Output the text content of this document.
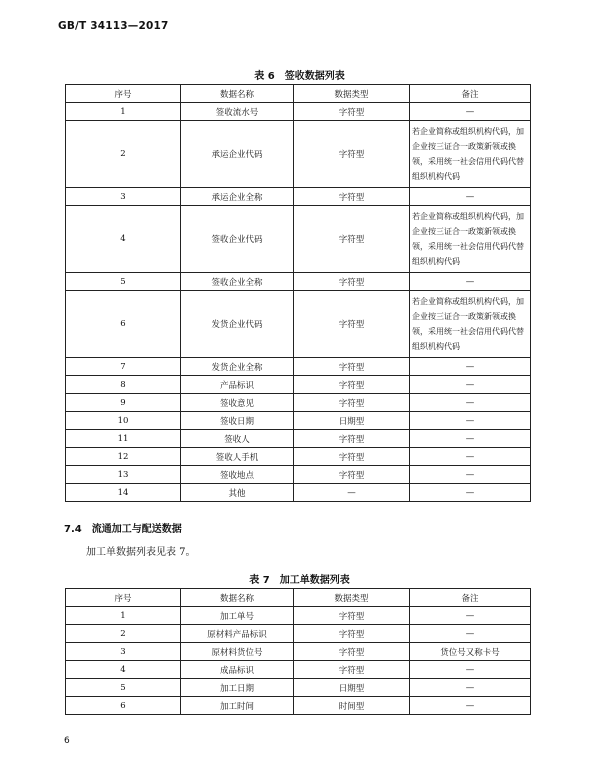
GB/T 34113—2017
表 6　签收数据列表
序号	数据名称	数据类型	备注
1	签收流水号	字符型	—
2	承运企业代码	字符型	若企业简称或组织机构代码，加企业按三证合一政策新领或换领，采用统一社会信用代码代替组织机构代码
3	承运企业全称	字符型	—
4	签收企业代码	字符型	若企业简称或组织机构代码，加企业按三证合一政策新领或换领，采用统一社会信用代码代替组织机构代码
5	签收企业全称	字符型	—
6	发货企业代码	字符型	若企业简称或组织机构代码，加企业按三证合一政策新领或换领，采用统一社会信用代码代替组织机构代码
7	发货企业全称	字符型	—
8	产品标识	字符型	—
9	签收意见	字符型	—
10	签收日期	日期型	—
11	签收人	字符型	—
12	签收人手机	字符型	—
13	签收地点	字符型	—
14	其他	—	—
7.4 流通加工与配送数据
加工单数据列表见表 7。
表 7　加工单数据列表
序号	数据名称	数据类型	备注
1	加工单号	字符型	—
2	原材料产品标识	字符型	—
3	原材料货位号	字符型	货位号又称卡号
4	成品标识	字符型	—
5	加工日期	日期型	—
6	加工时间	时间型	—
6
